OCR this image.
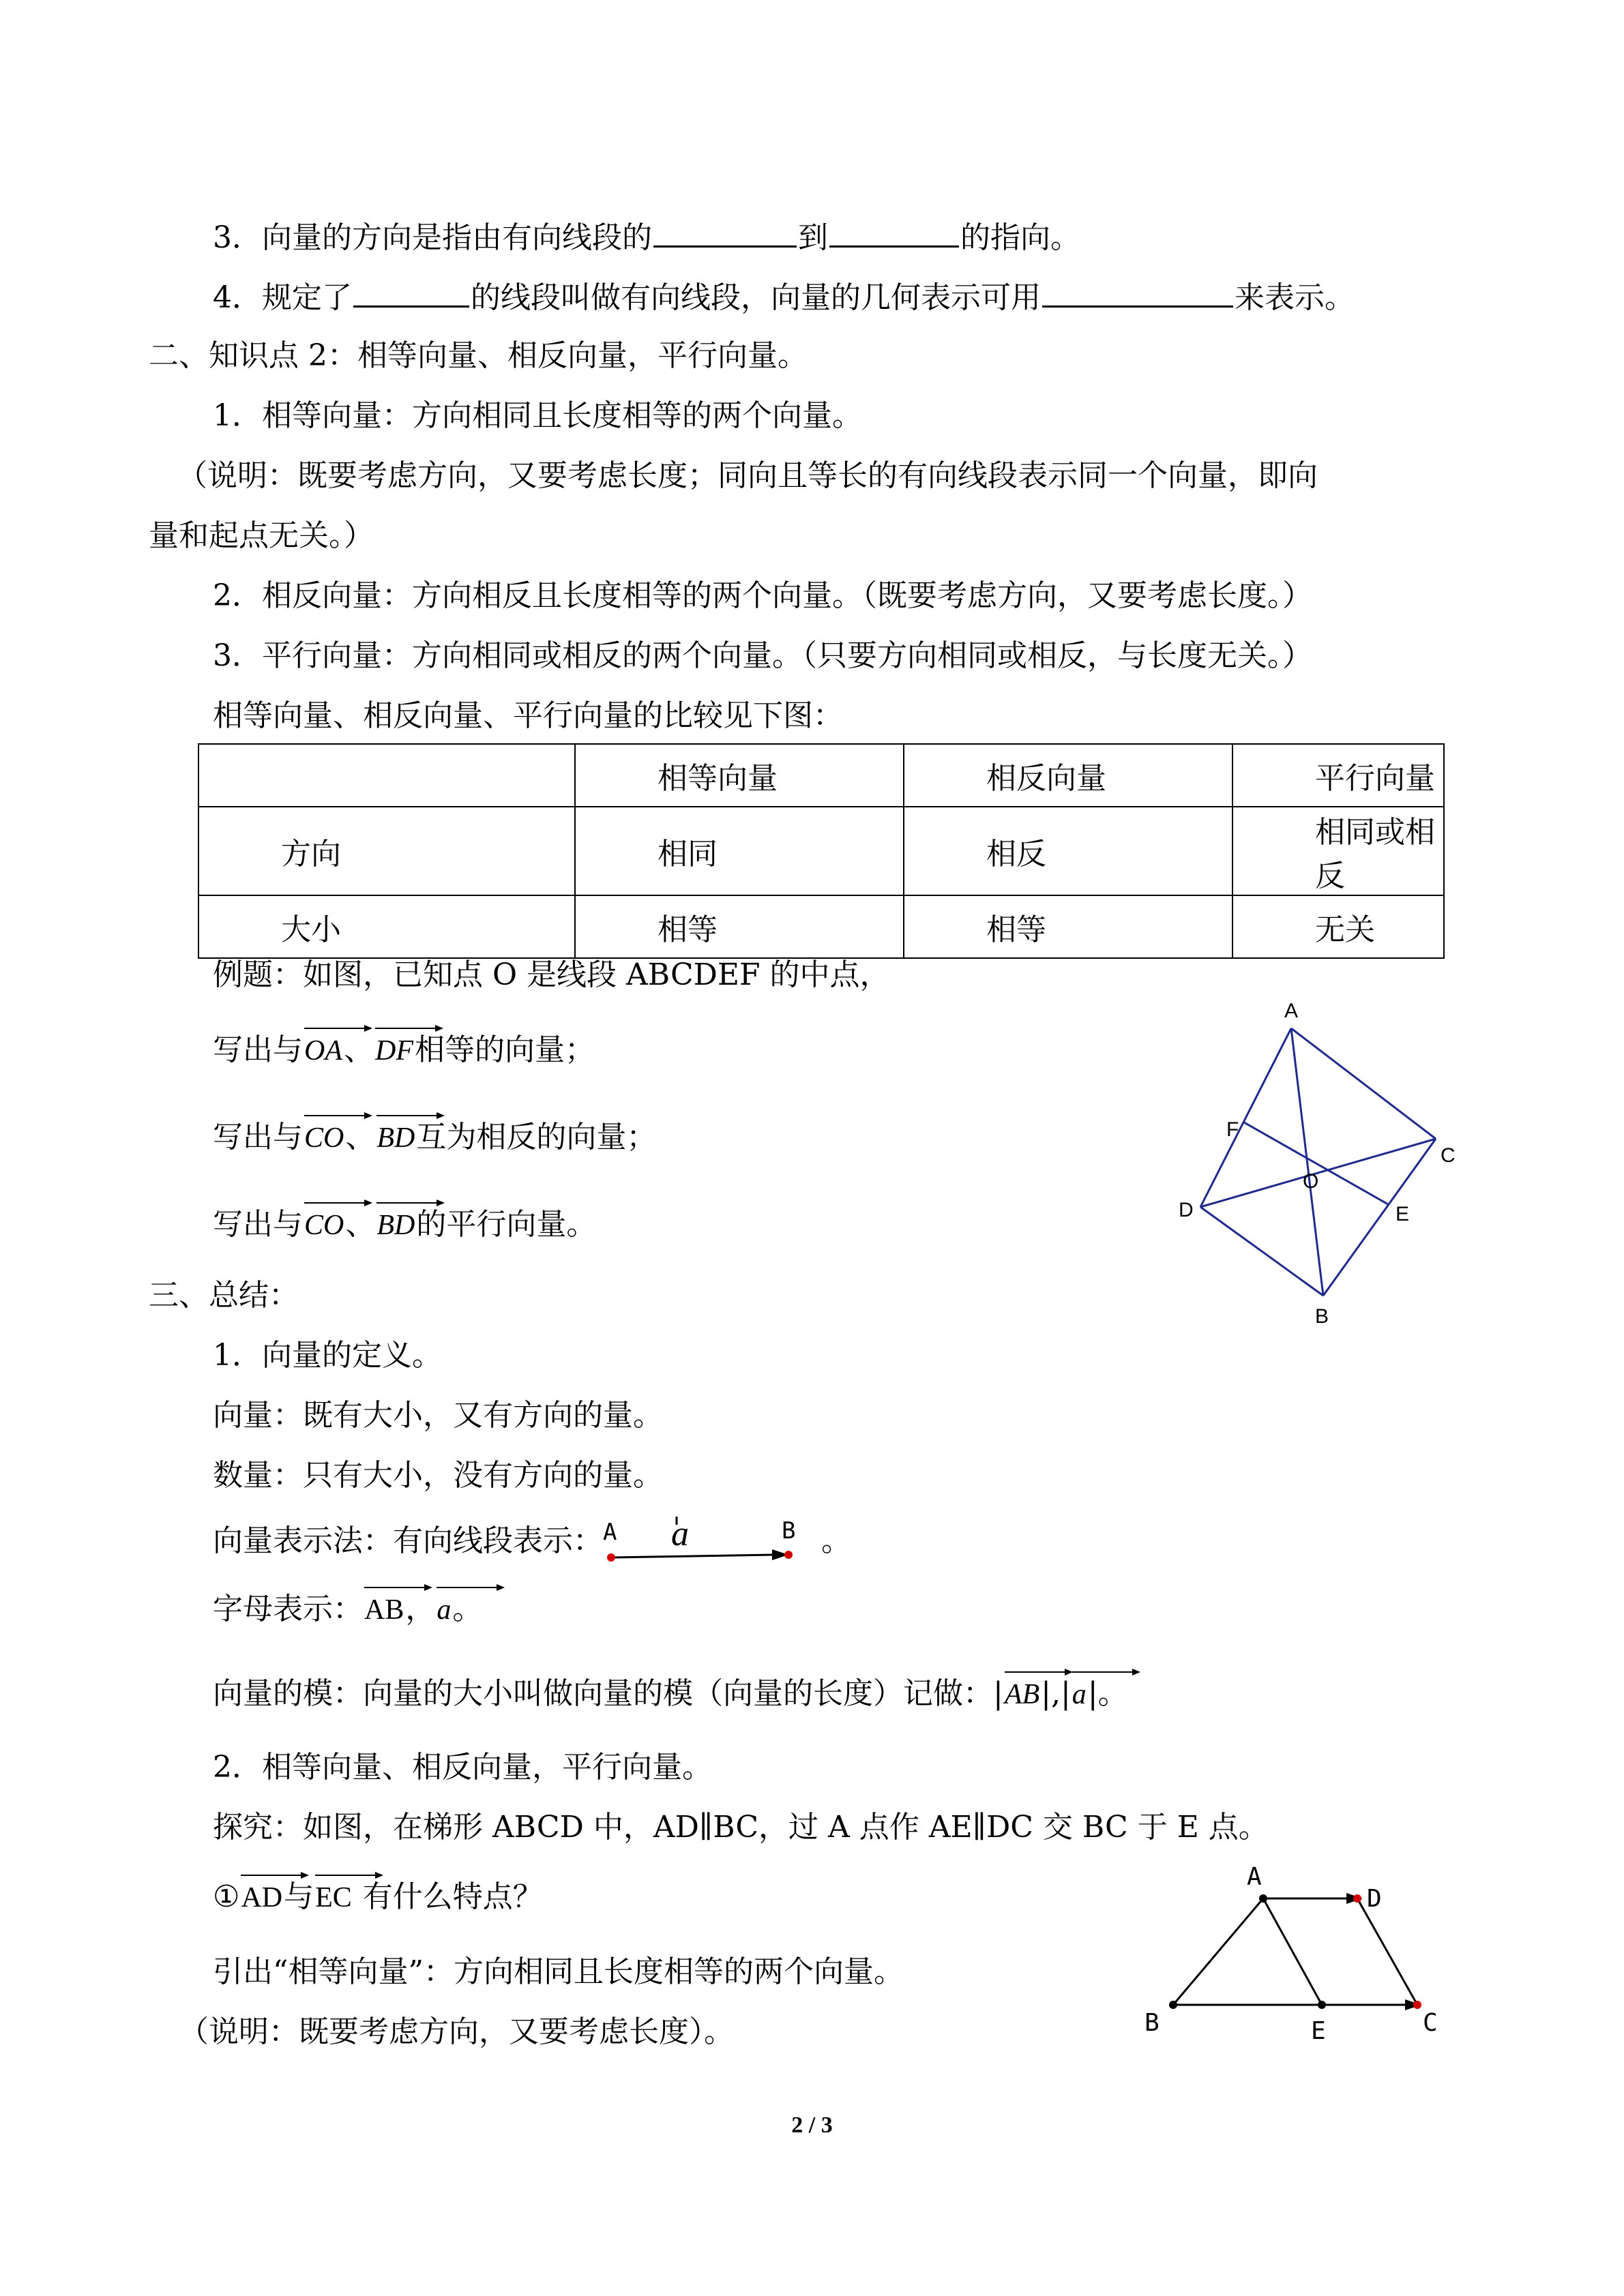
3．向量的方向是指由有向线段的	到	的指向。
4．规定了	的线段叫做有向线段，向量的几何表示可用	来表示。
二、知识点 2：相等向量、相反向量，平行向量。
1．相等向量：方向相同且长度相等的两个向量。
（说明：既要考虑方向，又要考虑长度；同向且等长的有向线段表示同一个向量，即向
量和起点无关。）
2．相反向量：方向相反且长度相等的两个向量。（既要考虑方向，又要考虑长度。）
3．平行向量：方向相同或相反的两个向量。（只要方向相同或相反，与长度无关。）
相等向量、相反向量、平行向量的比较见下图：
	相等向量	相反向量	平行向量
方向	相同	相反	相同或相反
大小	相等	相等	无关
例题：如图，已知点 O 是线段 ABCDEF 的中点，
写出与
OA、
DF相等的向量；
写出与
CO、
BD互为相反的向量；
写出与
CO、
BD的平行向量。
A
B
C
D	E
F
O
三、总结：
1．向量的定义。
向量：既有大小，又有方向的量。
数量：只有大小，没有方向的量。
向量表示法：有向线段表示： A	B
a	。
字母表示：
AB，
a。
向量的模：向量的大小叫做向量的模（向量的长度）记做：|
AB|,|
a|。
2．相等向量、相反向量，平行向量。
探究：如图，在梯形 ABCD 中，AD∥BC，过 A 点作 AE∥DC 交 BC 于 E 点。
①
AD与
EC 有什么特点？
引出“相等向量”：方向相同且长度相等的两个向量。
（说明：既要考虑方向，又要考虑长度）。
A
B	C
D
E
2 / 3
